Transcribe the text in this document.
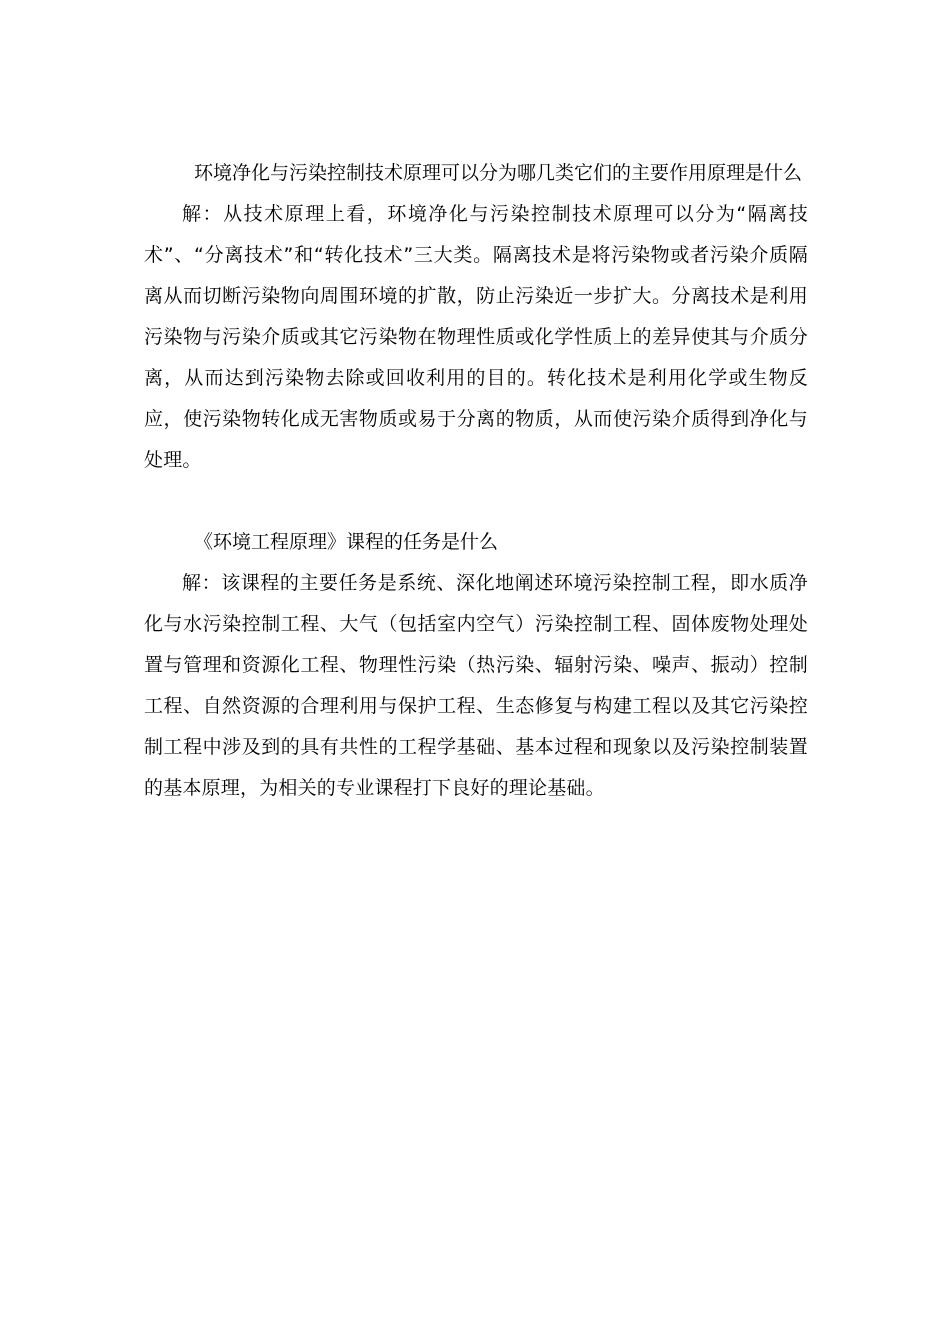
环境净化与污染控制技术原理可以分为哪几类它们的主要作用原理是什么

解：从技术原理上看，环境净化与污染控制技术原理可以分为“隔离技术”、“分离技术”和“转化技术”三大类。隔离技术是将污染物或者污染介质隔离从而切断污染物向周围环境的扩散，防止污染近一步扩大。分离技术是利用污染物与污染介质或其它污染物在物理性质或化学性质上的差异使其与介质分离，从而达到污染物去除或回收利用的目的。转化技术是利用化学或生物反应，使污染物转化成无害物质或易于分离的物质，从而使污染介质得到净化与处理。

《环境工程原理》课程的任务是什么

解：该课程的主要任务是系统、深化地阐述环境污染控制工程，即水质净化与水污染控制工程、大气（包括室内空气）污染控制工程、固体废物处理处置与管理和资源化工程、物理性污染（热污染、辐射污染、噪声、振动）控制工程、自然资源的合理利用与保护工程、生态修复与构建工程以及其它污染控制工程中涉及到的具有共性的工程学基础、基本过程和现象以及污染控制装置的基本原理，为相关的专业课程打下良好的理论基础。
